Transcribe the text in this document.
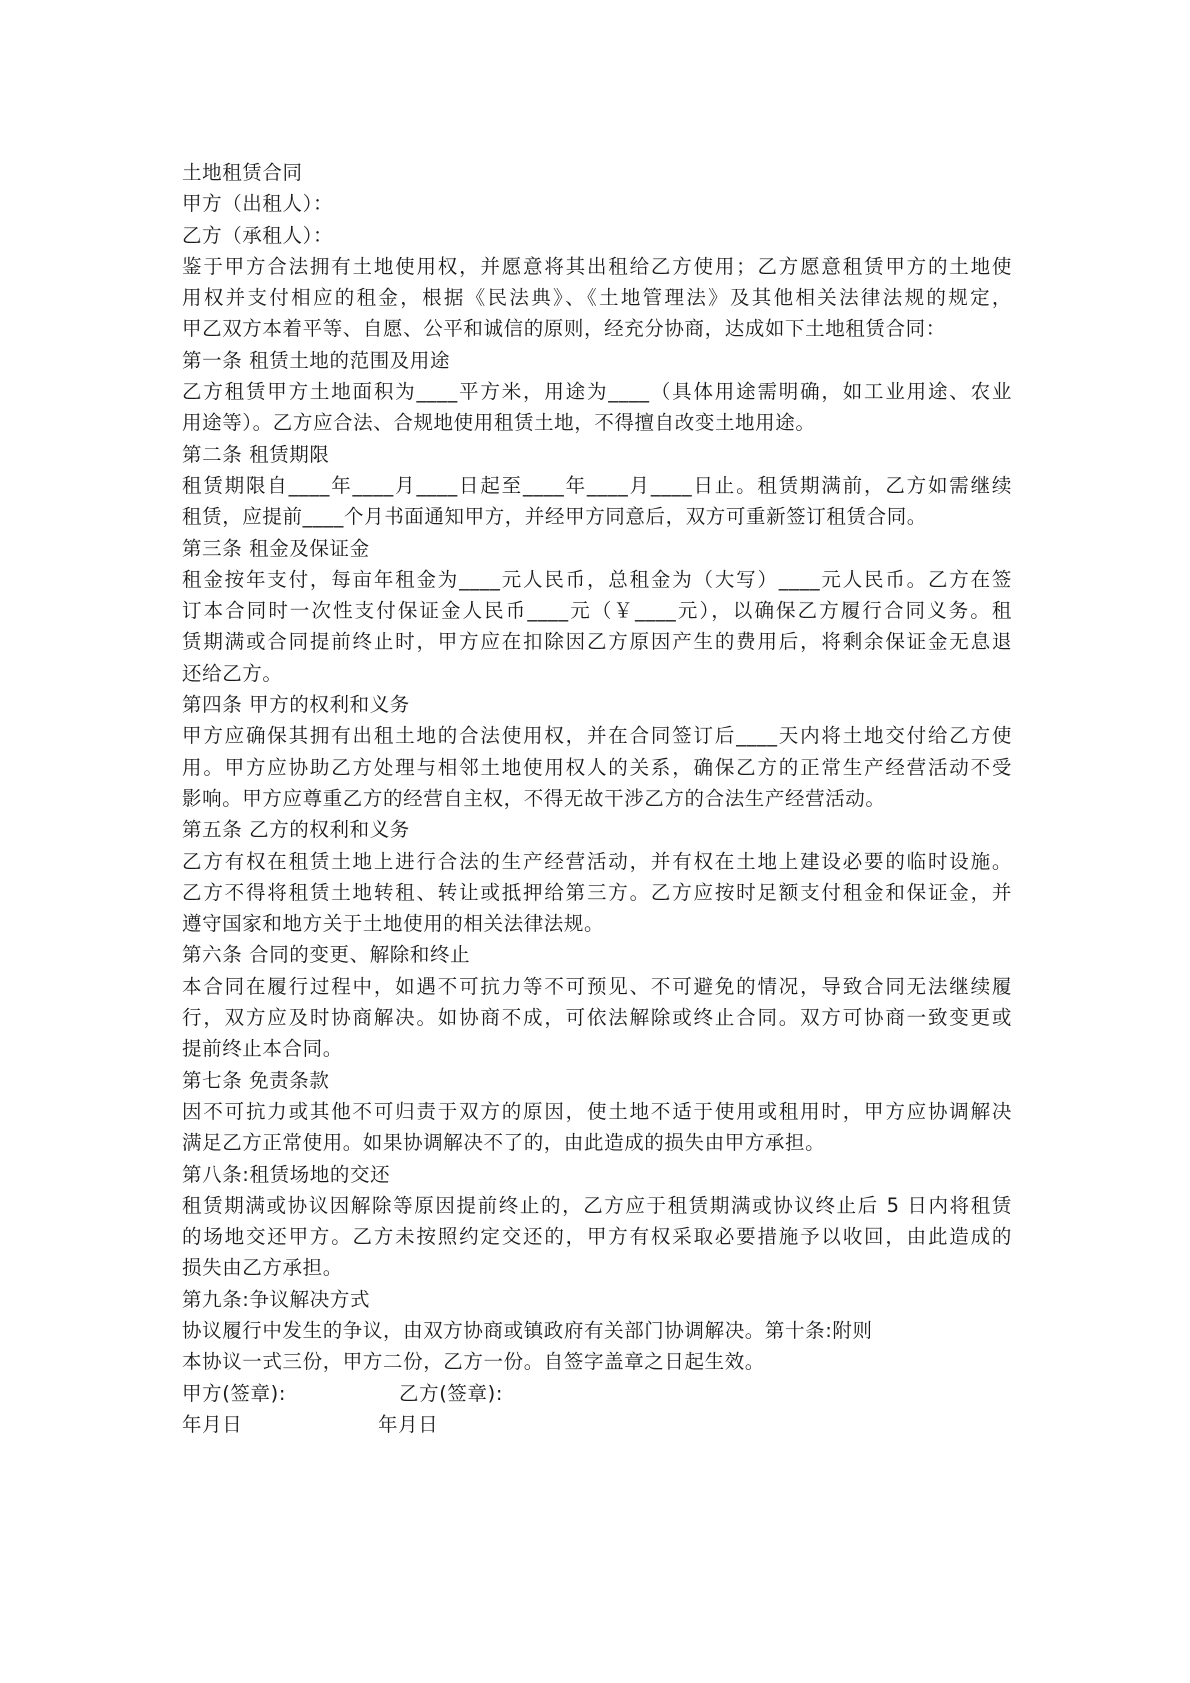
土地租赁合同
甲方（出租人）：
乙方（承租人）：
鉴于甲方合法拥有土地使用权，并愿意将其出租给乙方使用；乙方愿意租赁甲方的土地使
用权并支付相应的租金，根据《民法典》、《土地管理法》及其他相关法律法规的规定，
甲乙双方本着平等、自愿、公平和诚信的原则，经充分协商，达成如下土地租赁合同：
第一条 租赁土地的范围及用途
乙方租赁甲方土地面积为____平方米，用途为____（具体用途需明确，如工业用途、农业
用途等）。乙方应合法、合规地使用租赁土地，不得擅自改变土地用途。
第二条 租赁期限
租赁期限自____年____月____日起至____年____月____日止。租赁期满前，乙方如需继续
租赁，应提前____个月书面通知甲方，并经甲方同意后，双方可重新签订租赁合同。
第三条 租金及保证金
租金按年支付，每亩年租金为____元人民币，总租金为（大写）____元人民币。乙方在签
订本合同时一次性支付保证金人民币____元（￥____元），以确保乙方履行合同义务。租
赁期满或合同提前终止时，甲方应在扣除因乙方原因产生的费用后，将剩余保证金无息退
还给乙方。
第四条 甲方的权利和义务
甲方应确保其拥有出租土地的合法使用权，并在合同签订后____天内将土地交付给乙方使
用。甲方应协助乙方处理与相邻土地使用权人的关系，确保乙方的正常生产经营活动不受
影响。甲方应尊重乙方的经营自主权，不得无故干涉乙方的合法生产经营活动。
第五条 乙方的权利和义务
乙方有权在租赁土地上进行合法的生产经营活动，并有权在土地上建设必要的临时设施。
乙方不得将租赁土地转租、转让或抵押给第三方。乙方应按时足额支付租金和保证金，并
遵守国家和地方关于土地使用的相关法律法规。
第六条 合同的变更、解除和终止
本合同在履行过程中，如遇不可抗力等不可预见、不可避免的情况，导致合同无法继续履
行，双方应及时协商解决。如协商不成，可依法解除或终止合同。双方可协商一致变更或
提前终止本合同。
第七条 免责条款
因不可抗力或其他不可归责于双方的原因，使土地不适于使用或租用时，甲方应协调解决
满足乙方正常使用。如果协调解决不了的，由此造成的损失由甲方承担。
第八条:租赁场地的交还
租赁期满或协议因解除等原因提前终止的，乙方应于租赁期满或协议终止后 5 日内将租赁
的场地交还甲方。乙方未按照约定交还的，甲方有权采取必要措施予以收回，由此造成的
损失由乙方承担。
第九条:争议解决方式
协议履行中发生的争议，由双方协商或镇政府有关部门协调解决。第十条:附则
本协议一式三份，甲方二份，乙方一份。自签字盖章之日起生效。
甲方(签章):	乙方(签章):
年月日	年月日
